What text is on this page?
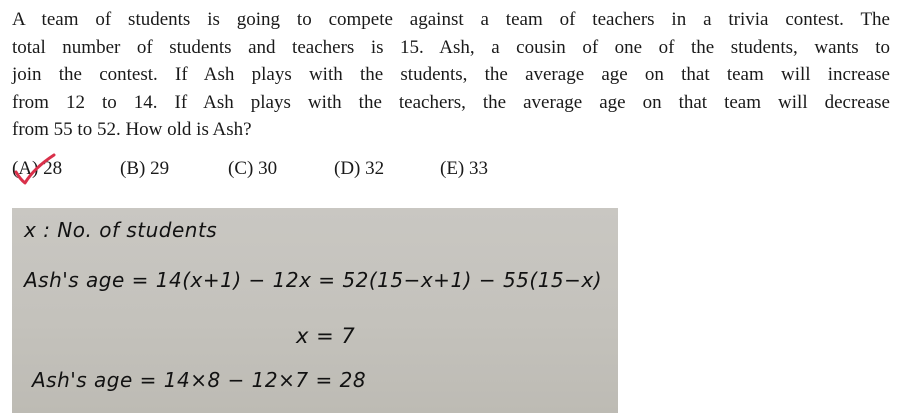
A team of students is going to compete against a team of teachers in a trivia contest. The
total number of students and teachers is 15. Ash, a cousin of one of the students, wants to
join the contest. If Ash plays with the students, the average age on that team will increase
from 12 to 14. If Ash plays with the teachers, the average age on that team will decrease
from 55 to 52. How old is Ash?
(A) 28	(B) 29	(C) 30	(D) 32	(E) 33
x : No. of students
Ash's age = 14(x+1) − 12x = 52(15−x+1) − 55(15−x)
x = 7
Ash's age = 14×8 − 12×7 = 28
